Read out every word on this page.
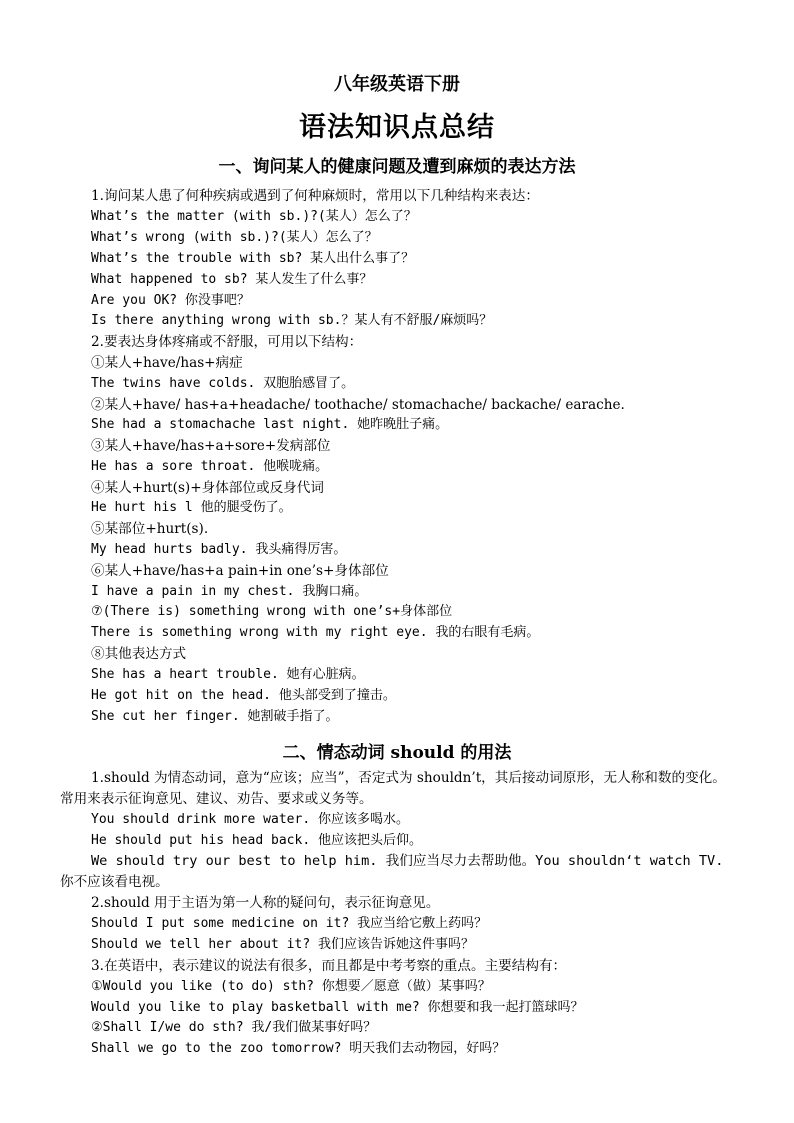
八年级英语下册
语法知识点总结
一、询问某人的健康问题及遭到麻烦的表达方法
1.询问某人患了何种疾病或遇到了何种麻烦时，常用以下几种结构来表达：
What’s the matter (with sb.)?(某人）怎么了？
What’s wrong (with sb.)?(某人）怎么了？
What’s the trouble with sb? 某人出什么事了？
What happened to sb? 某人发生了什么事？
Are you OK? 你没事吧？
Is there anything wrong with sb.？某人有不舒服/麻烦吗？
2.要表达身体疼痛或不舒服，可用以下结构：
①某人+have/has+病症
The twins have colds. 双胞胎感冒了。
②某人+have/ has+a+headache/ toothache/ stomachache/ backache/ earache.
She had a stomachache last night. 她昨晚肚子痛。
③某人+have/has+a+sore+发病部位
He has a sore throat. 他喉咙痛。
④某人+hurt(s)+身体部位或反身代词
He hurt his l 他的腿受伤了。
⑤某部位+hurt(s).
My head hurts badly. 我头痛得厉害。
⑥某人+have/has+a pain+in one’s+身体部位
I have a pain in my chest. 我胸口痛。
⑦(There is) something wrong with one’s+身体部位
There is something wrong with my right eye. 我的右眼有毛病。
⑧其他表达方式
She has a heart trouble. 她有心脏病。
He got hit on the head. 他头部受到了撞击。
She cut her finger. 她割破手指了。
二、情态动词 should 的用法
1.should 为情态动词，意为“应该；应当”，否定式为 shouldn’t，其后接动词原形，无人称和数的变化。常用来表示征询意见、建议、劝告、要求或义务等。
You should drink more water. 你应该多喝水。
He should put his head back. 他应该把头后仰。
We should try our best to help him. 我们应当尽力去帮助他。You shouldn‘t watch TV. 你不应该看电视。
2.should 用于主语为第一人称的疑问句，表示征询意见。
Should I put some medicine on it? 我应当给它敷上药吗？
Should we tell her about it? 我们应该告诉她这件事吗？
3.在英语中，表示建议的说法有很多，而且都是中考考察的重点。主要结构有：
①Would you like (to do) sth? 你想要／愿意（做）某事吗？
Would you like to play basketball with me? 你想要和我一起打篮球吗？
②Shall I/we do sth? 我/我们做某事好吗？
Shall we go to the zoo tomorrow? 明天我们去动物园，好吗？
